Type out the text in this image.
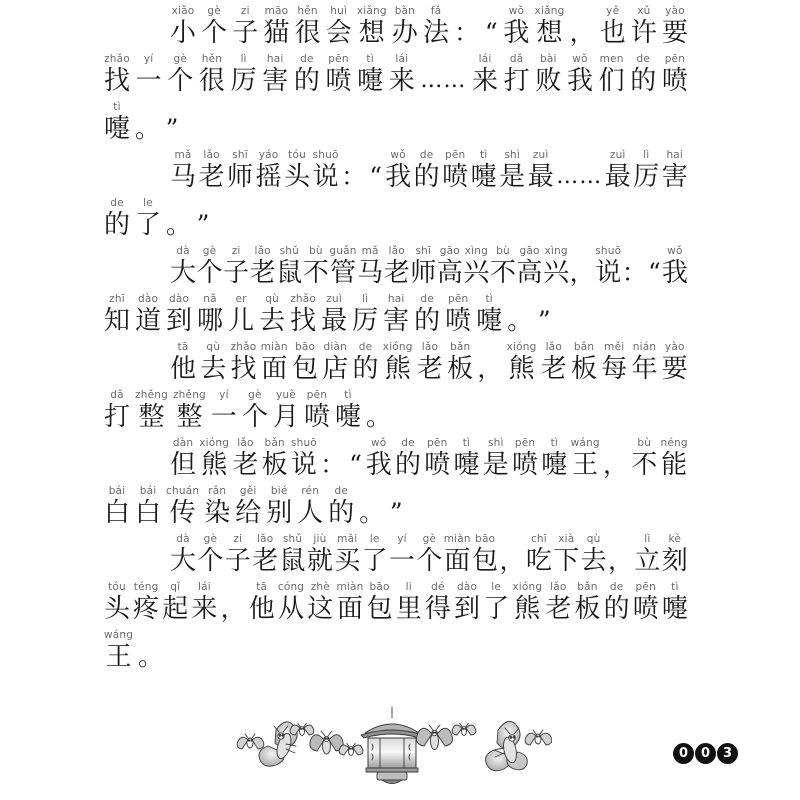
xiǎo
小
gè
个
zi
子
māo
猫
hěn
很
huì
会
xiǎng
想
bàn
办
fǎ
法
：
“
wǒ
我
xiǎng
想
，
yě
也
xǔ
许
yào
要
zhǎo
找
yí
一
gè
个
hěn
很
lì
厉
hai
害
de
的
pēn
喷
tì
嚏
lái
来
……
lái
来
dǎ
打
bài
败
wǒ
我
men
们
de
的
pēn
喷
tì
嚏
。
”
mǎ
马
lǎo
老
shī
师
yáo
摇
tóu
头
shuō
说
：
“
wǒ
我
de
的
pēn
喷
tì
嚏
shì
是
zuì
最
……
zuì
最
lì
厉
hai
害
de
的
le
了
。
”
dà
大
gè
个
zi
子
lǎo
老
shǔ
鼠
bù
不
guǎn
管
mǎ
马
lǎo
老
shī
师
gāo
高
xìng
兴
bù
不
gāo
高
xìng
兴
，
shuō
说
：
“
wǒ
我
zhī
知
dào
道
dào
到
nǎ
哪
er
儿
qù
去
zhǎo
找
zuì
最
lì
厉
hai
害
de
的
pēn
喷
tì
嚏
。
”
tā
他
qù
去
zhǎo
找
miàn
面
bāo
包
diàn
店
de
的
xióng
熊
lǎo
老
bǎn
板
，
xióng
熊
lǎo
老
bǎn
板
měi
每
nián
年
yào
要
dǎ
打
zhěng
整
zhěng
整
yí
一
gè
个
yuè
月
pēn
喷
tì
嚏
。
dàn
但
xióng
熊
lǎo
老
bǎn
板
shuō
说
：
“
wǒ
我
de
的
pēn
喷
tì
嚏
shì
是
pēn
喷
tì
嚏
wáng
王
，
bù
不
néng
能
bái
白
bái
白
chuán
传
rǎn
染
gěi
给
bié
别
rén
人
de
的
。
”
dà
大
gè
个
zi
子
lǎo
老
shǔ
鼠
jiù
就
mǎi
买
le
了
yí
一
gè
个
miàn
面
bāo
包
，
chī
吃
xià
下
qù
去
，
lì
立
kè
刻
tóu
头
téng
疼
qǐ
起
lái
来
，
tā
他
cóng
从
zhè
这
miàn
面
bāo
包
li
里
dé
得
dào
到
le
了
xióng
熊
lǎo
老
bǎn
板
de
的
pēn
喷
tì
嚏
wáng
王
。
0 0 3
